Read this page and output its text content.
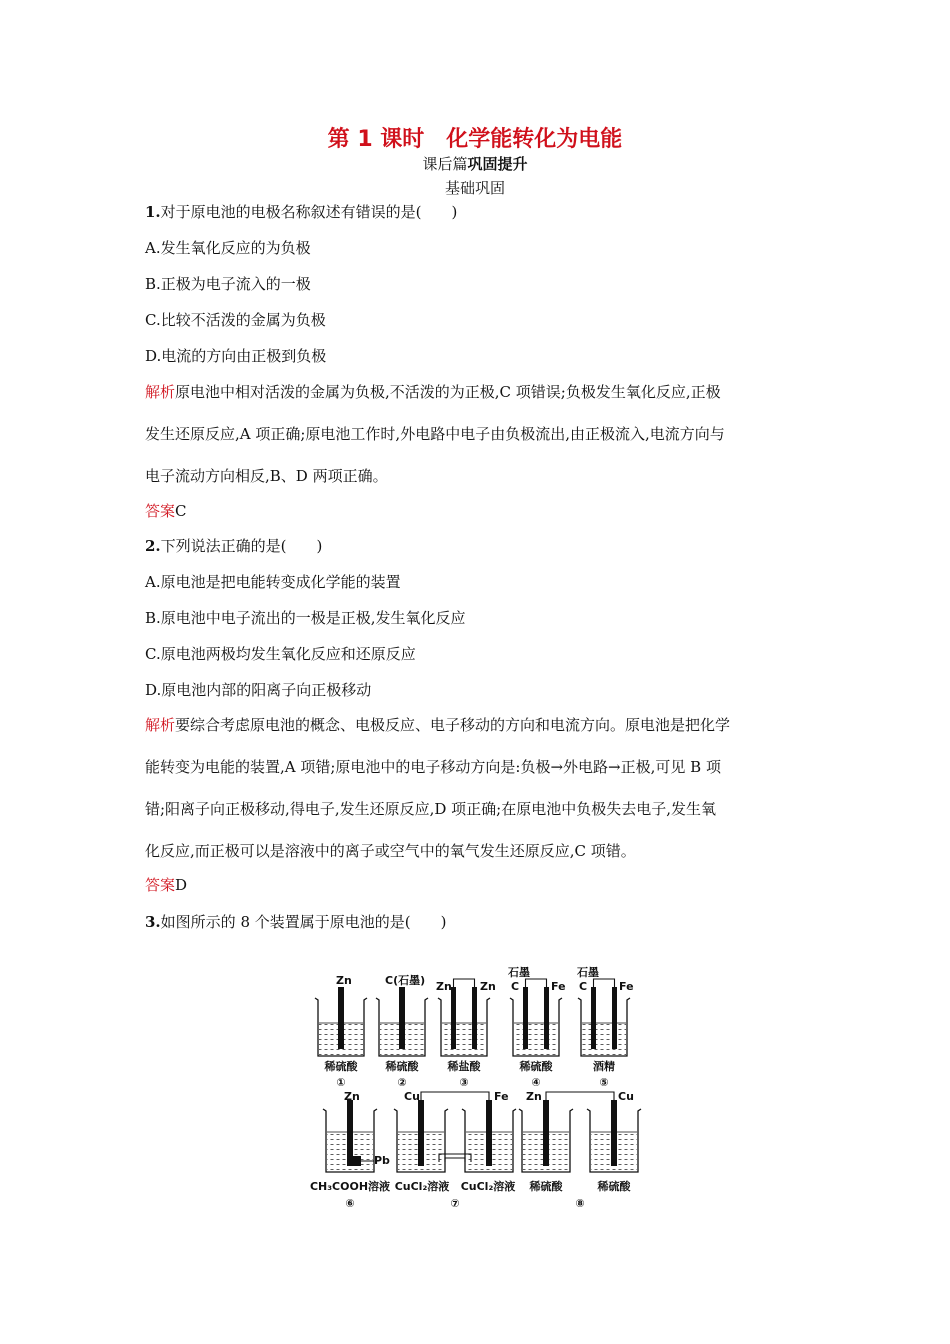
第 1 课时　化学能转化为电能
课后篇巩固提升
基础巩固
1.对于原电池的电极名称叙述有错误的是(　　)
A.发生氧化反应的为负极
B.正极为电子流入的一极
C.比较不活泼的金属为负极
D.电流的方向由正极到负极
解析原电池中相对活泼的金属为负极,不活泼的为正极,C 项错误;负极发生氧化反应,正极
发生还原反应,A 项正确;原电池工作时,外电路中电子由负极流出,由正极流入,电流方向与
电子流动方向相反,B、D 两项正确。
答案C
2.下列说法正确的是(　　)
A.原电池是把电能转变成化学能的装置
B.原电池中电子流出的一极是正极,发生氧化反应
C.原电池两极均发生氧化反应和还原反应
D.原电池内部的阳离子向正极移动
解析要综合考虑原电池的概念、电极反应、电子移动的方向和电流方向。原电池是把化学
能转变为电能的装置,A 项错;原电池中的电子移动方向是:负极→外电路→正极,可见 B 项
错;阳离子向正极移动,得电子,发生还原反应,D 项正确;在原电池中负极失去电子,发生氧
化反应,而正极可以是溶液中的离子或空气中的氧气发生还原反应,C 项错。
答案D
3.如图所示的 8 个装置属于原电池的是(　　)
Zn
稀硫酸
①
C(石墨)
稀硫酸
②
Zn	Zn
稀盐酸
③
石墨
C	Fe
稀硫酸
④
石墨
C	Fe
酒精
⑤
Zn
Pb
CH₃COOH溶液
⑥
Cu	Fe
CuCl₂溶液 CuCl₂溶液
⑦
Zn	Cu
稀硫酸	稀硫酸
⑧
